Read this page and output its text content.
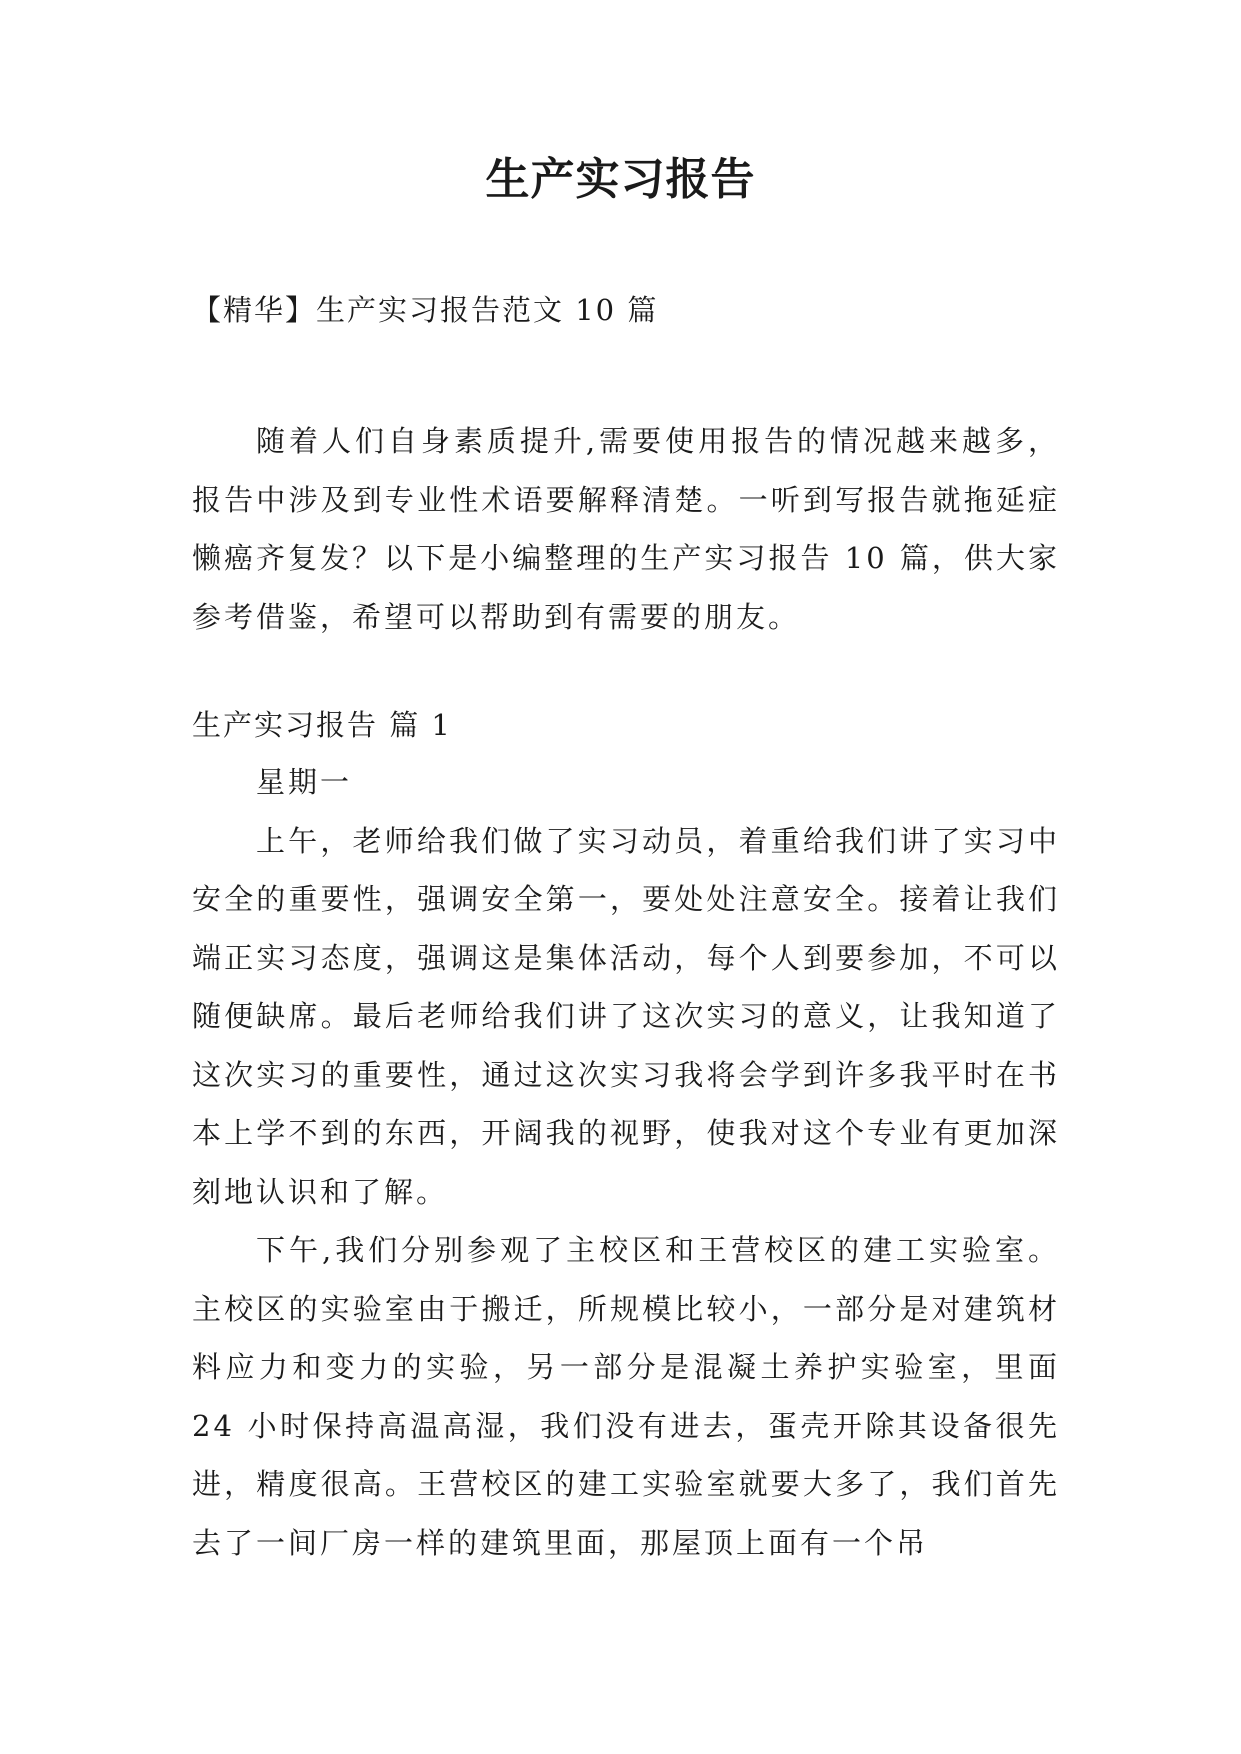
生产实习报告
【精华】生产实习报告范文 10 篇

随着人们自身素质提升,需要使用报告的情况越来越多，报告中涉及到专业性术语要解释清楚。一听到写报告就拖延症懒癌齐复发？以下是小编整理的生产实习报告 10 篇，供大家参考借鉴，希望可以帮助到有需要的朋友。

生产实习报告 篇 1

星期一

上午，老师给我们做了实习动员，着重给我们讲了实习中安全的重要性，强调安全第一，要处处注意安全。接着让我们端正实习态度，强调这是集体活动，每个人到要参加，不可以随便缺席。最后老师给我们讲了这次实习的意义，让我知道了这次实习的重要性，通过这次实习我将会学到许多我平时在书本上学不到的东西，开阔我的视野，使我对这个专业有更加深刻地认识和了解。

下午,我们分别参观了主校区和王营校区的建工实验室。主校区的实验室由于搬迁，所规模比较小，一部分是对建筑材料应力和变力的实验，另一部分是混凝土养护实验室，里面 24 小时保持高温高湿，我们没有进去，蛋壳开除其设备很先进，精度很高。王营校区的建工实验室就要大多了，我们首先去了一间厂房一样的建筑里面，那屋顶上面有一个吊
